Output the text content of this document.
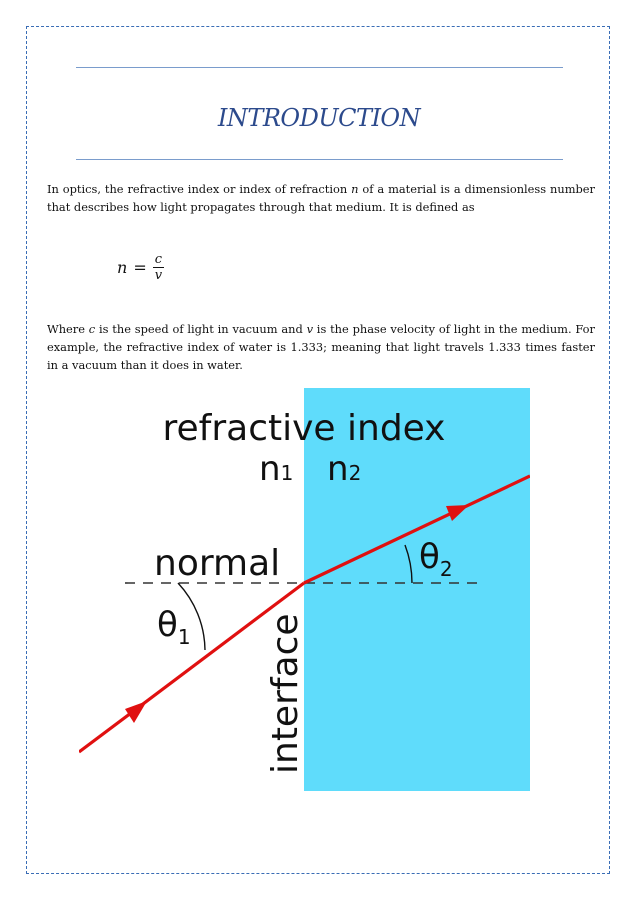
INTRODUCTION

In optics, the refractive index or index of refraction n of a material is a dimensionless number that describes how light propagates through that medium. It is defined as

$n = \frac{c}{v}$

Where c is the speed of light in vacuum and v is the phase velocity of light in the medium. For example, the refractive index of water is 1.333; meaning that light travels 1.333 times faster in a vacuum than it does in water.

refractive index
n1 n2
normal
$\theta_1$
$\theta_2$
interface
